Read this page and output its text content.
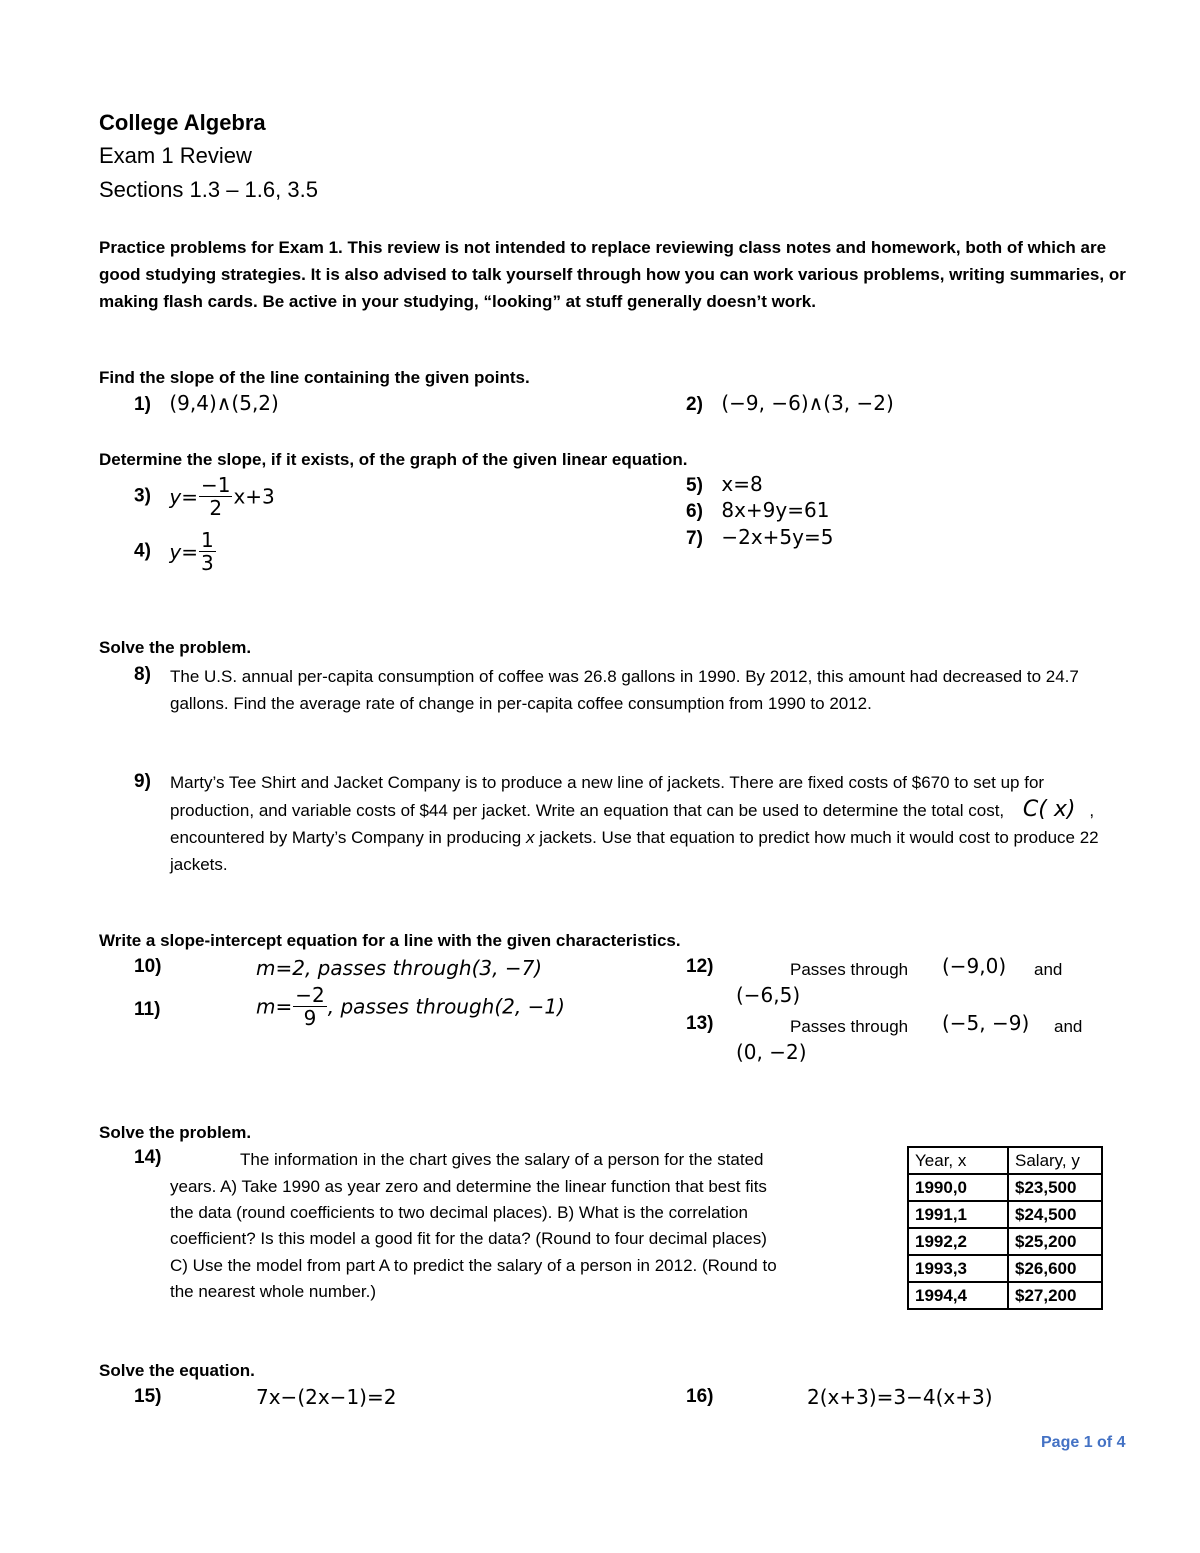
College Algebra
Exam 1 Review
Sections 1.3 – 1.6, 3.5
Practice problems for Exam 1. This review is not intended to replace reviewing class notes and homework, both of which are good studying strategies. It is also advised to talk yourself through how you can work various problems, writing summaries, or making flash cards. Be active in your studying, “looking” at stuff generally doesn’t work.
Find the slope of the line containing the given points.
1) (9,4)∧(5,2)	2) (−9, −6)∧(3, −2)
Determine the slope, if it exists, of the graph of the given linear equation.
3) $y= \frac{-1}{2} x+3$
4) $y= \frac{1}{3}$
5) x=8
6) 8x+9y=61
7) −2x+5y=5
Solve the problem.
8) The U.S. annual per-capita consumption of coffee was 26.8 gallons in 1990. By 2012, this amount had decreased to 24.7 gallons. Find the average rate of change in per-capita coffee consumption from 1990 to 2012.
9) Marty’s Tee Shirt and Jacket Company is to produce a new line of jackets. There are fixed costs of $670 to set up for production, and variable costs of $44 per jacket. Write an equation that can be used to determine the total cost, C( x) , encountered by Marty’s Company in producing x jackets. Use that equation to predict how much it would cost to produce 22 jackets.
Write a slope-intercept equation for a line with the given characteristics.
10)	m=2, passes through(3, −7)
11)	$m= \frac{-2}{9}$ , passes through(2, −1)
12)	Passes through (−9,0) and
(−6,5)
13)	Passes through (−5, −9) and
(0, −2)
Solve the problem.
14)	The information in the chart gives the salary of a person for the stated
years. A) Take 1990 as year zero and determine the linear function that best fits
the data (round coefficients to two decimal places). B) What is the correlation
coefficient? Is this model a good fit for the data? (Round to four decimal places)
C) Use the model from part A to predict the salary of a person in 2012. (Round to
the nearest whole number.)
Year, x	Salary, y
1990,0	$23,500
1991,1	$24,500
1992,2	$25,200
1993,3	$26,600
1994,4	$27,200
Solve the equation.
15)	7x−(2x−1)=2	16)	2(x+3)=3−4(x+3)
Page 1 of 4
